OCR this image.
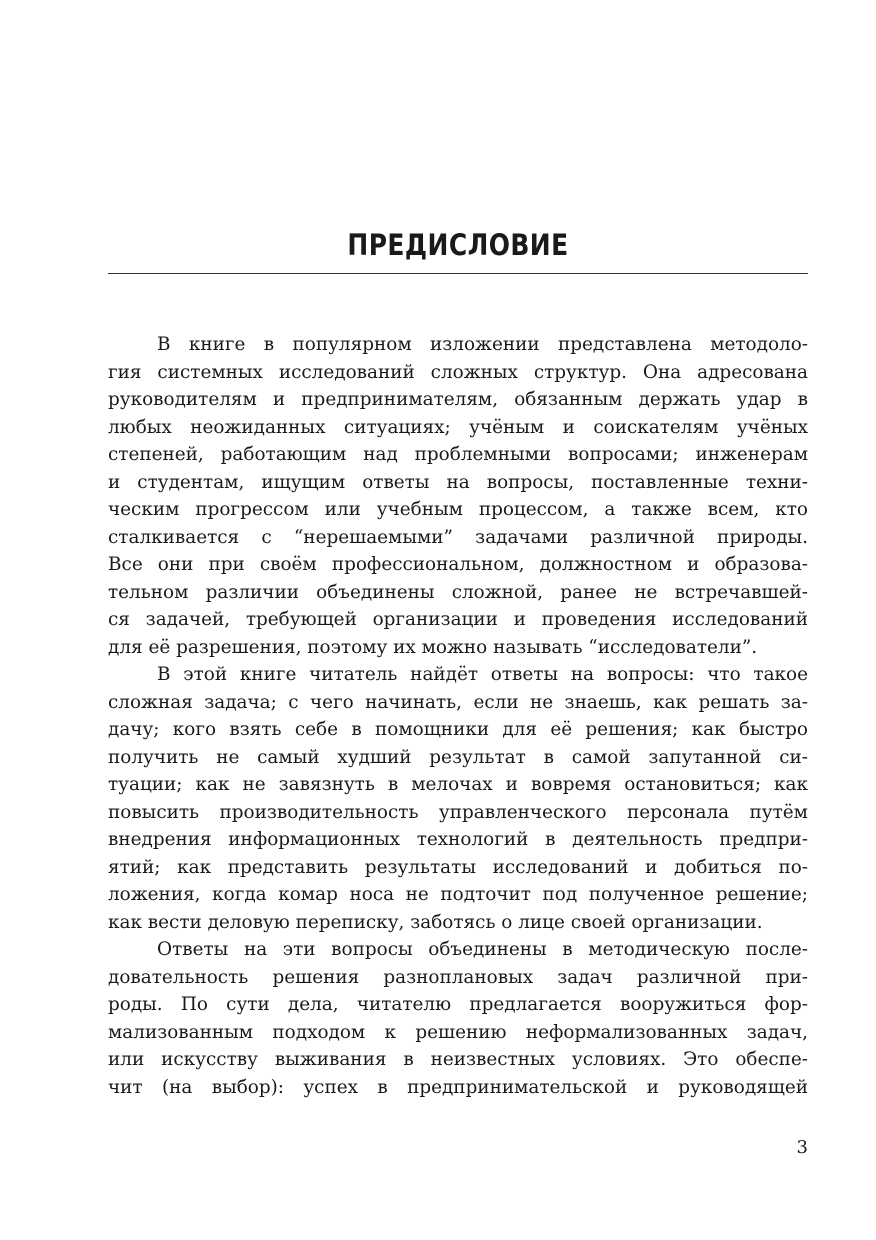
ПРЕДИСЛОВИЕ
В книге в популярном изложении представлена методоло-
гия системных исследований сложных структур. Она адресована
руководителям и предпринимателям, обязанным держать удар в
любых неожиданных ситуациях; учёным и соискателям учёных
степеней, работающим над проблемными вопросами; инженерам
и студентам, ищущим ответы на вопросы, поставленные техни-
ческим прогрессом или учебным процессом, а также всем, кто
сталкивается с “нерешаемыми” задачами различной природы.
Все они при своём профессиональном, должностном и образова-
тельном различии объединены сложной, ранее не встречавшей-
ся задачей, требующей организации и проведения исследований
для её разрешения, поэтому их можно называть “исследователи”.
В этой книге читатель найдёт ответы на вопросы: что такое
сложная задача; с чего начинать, если не знаешь, как решать за-
дачу; кого взять себе в помощники для её решения; как быстро
получить не самый худший результат в самой запутанной си-
туации; как не завязнуть в мелочах и вовремя остановиться; как
повысить производительность управленческого персонала путём
внедрения информационных технологий в деятельность предпри-
ятий; как представить результаты исследований и добиться по-
ложения, когда комар носа не подточит под полученное решение;
как вести деловую переписку, заботясь о лице своей организации.
Ответы на эти вопросы объединены в методическую после-
довательность решения разноплановых задач различной при-
роды. По сути дела, читателю предлагается вооружиться фор-
мализованным подходом к решению неформализованных задач,
или искусству выживания в неизвестных условиях. Это обеспе-
чит (на выбор): успех в предпринимательской и руководящей
3
